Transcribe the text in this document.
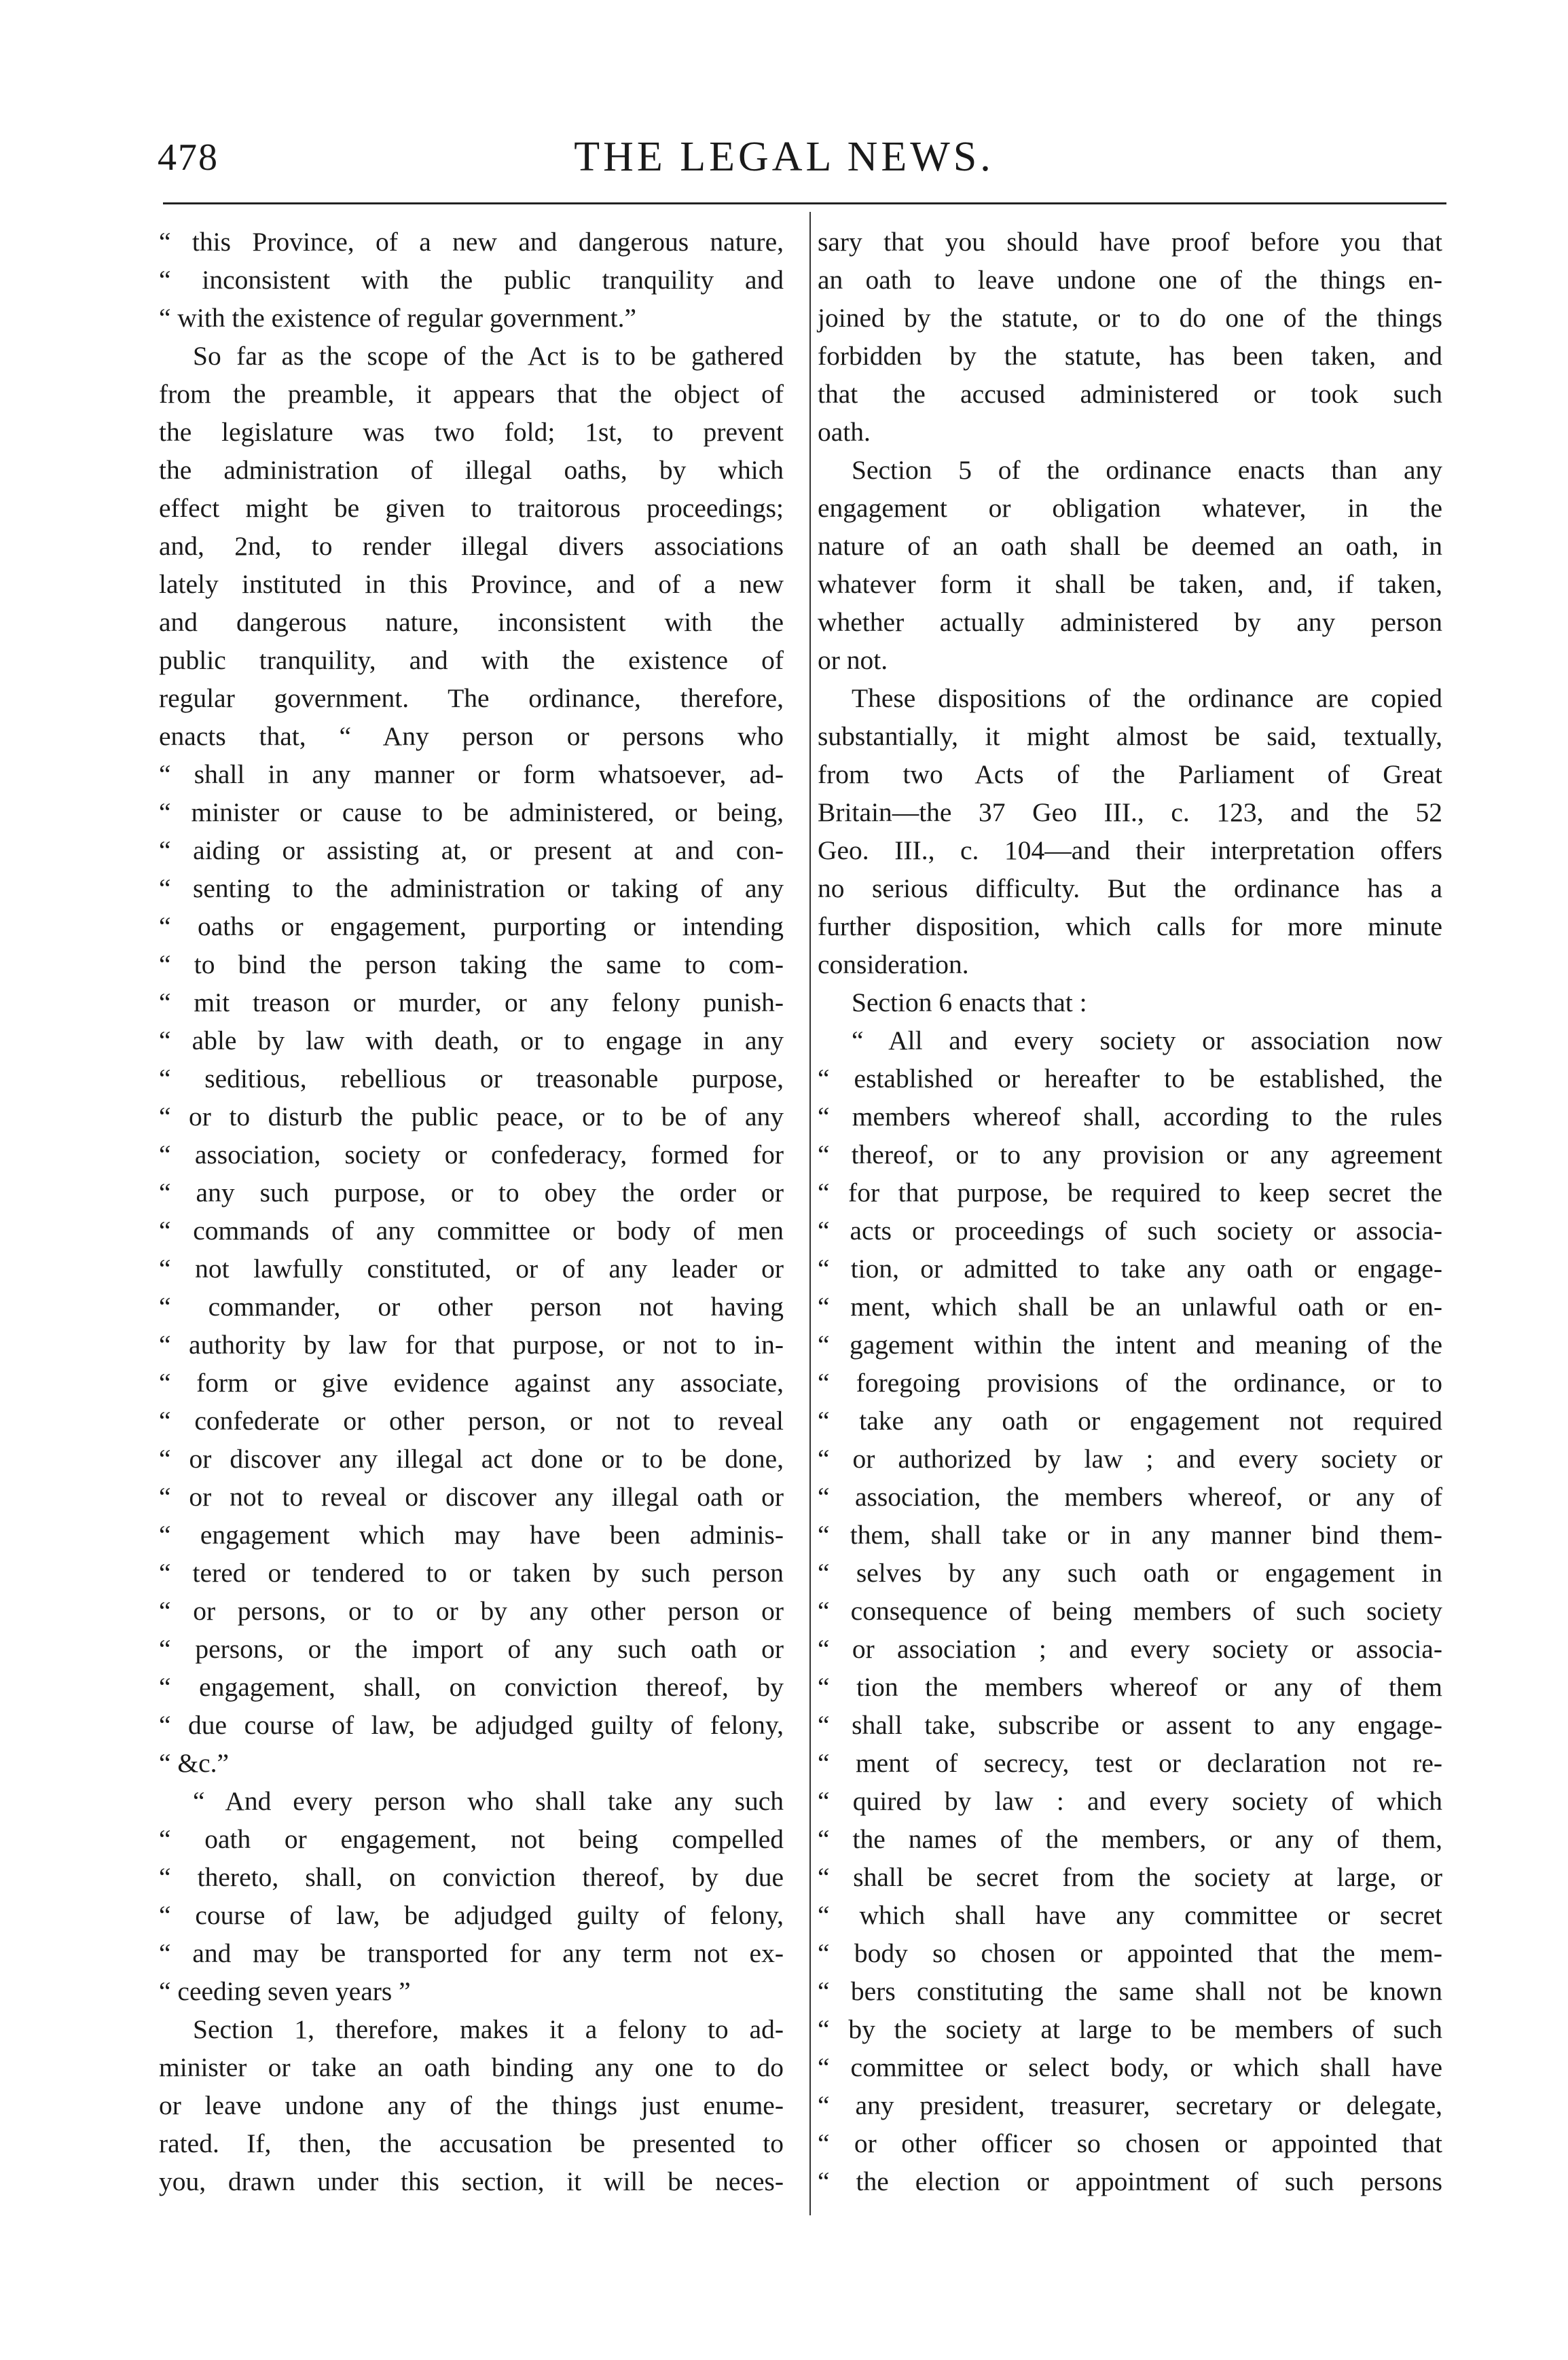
478	THE LEGAL NEWS.
“ this Province, of a new and dangerous nature,
“ inconsistent with the public tranquility and
“ with the existence of regular government.”
So far as the scope of the Act is to be gathered
from the preamble, it appears that the object of
the legislature was two fold; 1st, to prevent
the administration of illegal oaths, by which
effect might be given to traitorous proceedings;
and, 2nd, to render illegal divers associations
lately instituted in this Province, and of a new
and dangerous nature, inconsistent with the
public tranquility, and with the existence of
regular government. The ordinance, therefore,
enacts that, “ Any person or persons who
“ shall in any manner or form whatsoever, ad-
“ minister or cause to be administered, or being,
“ aiding or assisting at, or present at and con-
“ senting to the administration or taking of any
“ oaths or engagement, purporting or intending
“ to bind the person taking the same to com-
“ mit treason or murder, or any felony punish-
“ able by law with death, or to engage in any
“ seditious, rebellious or treasonable purpose,
“ or to disturb the public peace, or to be of any
“ association, society or confederacy, formed for
“ any such purpose, or to obey the order or
“ commands of any committee or body of men
“ not lawfully constituted, or of any leader or
“ commander, or other person not having
“ authority by law for that purpose, or not to in-
“ form or give evidence against any associate,
“ confederate or other person, or not to reveal
“ or discover any illegal act done or to be done,
“ or not to reveal or discover any illegal oath or
“ engagement which may have been adminis-
“ tered or tendered to or taken by such person
“ or persons, or to or by any other person or
“ persons, or the import of any such oath or
“ engagement, shall, on conviction thereof, by
“ due course of law, be adjudged guilty of felony,
“ &c.”
“ And every person who shall take any such
“ oath or engagement, not being compelled
“ thereto, shall, on conviction thereof, by due
“ course of law, be adjudged guilty of felony,
“ and may be transported for any term not ex-
“ ceeding seven years ”
Section 1, therefore, makes it a felony to ad-
minister or take an oath binding any one to do
or leave undone any of the things just enume-
rated. If, then, the accusation be presented to
you, drawn under this section, it will be neces-
sary that you should have proof before you that
an oath to leave undone one of the things en-
joined by the statute, or to do one of the things
forbidden by the statute, has been taken, and
that the accused administered or took such
oath.
Section 5 of the ordinance enacts than any
engagement or obligation whatever, in the
nature of an oath shall be deemed an oath, in
whatever form it shall be taken, and, if taken,
whether actually administered by any person
or not.
These dispositions of the ordinance are copied
substantially, it might almost be said, textually,
from two Acts of the Parliament of Great
Britain—the 37 Geo III., c. 123, and the 52
Geo. III., c. 104—and their interpretation offers
no serious difficulty. But the ordinance has a
further disposition, which calls for more minute
consideration.
Section 6 enacts that :
“ All and every society or association now
“ established or hereafter to be established, the
“ members whereof shall, according to the rules
“ thereof, or to any provision or any agreement
“ for that purpose, be required to keep secret the
“ acts or proceedings of such society or associa-
“ tion, or admitted to take any oath or engage-
“ ment, which shall be an unlawful oath or en-
“ gagement within the intent and meaning of the
“ foregoing provisions of the ordinance, or to
“ take any oath or engagement not required
“ or authorized by law ; and every society or
“ association, the members whereof, or any of
“ them, shall take or in any manner bind them-
“ selves by any such oath or engagement in
“ consequence of being members of such society
“ or association ; and every society or associa-
“ tion the members whereof or any of them
“ shall take, subscribe or assent to any engage-
“ ment of secrecy, test or declaration not re-
“ quired by law : and every society of which
“ the names of the members, or any of them,
“ shall be secret from the society at large, or
“ which shall have any committee or secret
“ body so chosen or appointed that the mem-
“ bers constituting the same shall not be known
“ by the society at large to be members of such
“ committee or select body, or which shall have
“ any president, treasurer, secretary or delegate,
“ or other officer so chosen or appointed that
“ the election or appointment of such persons
